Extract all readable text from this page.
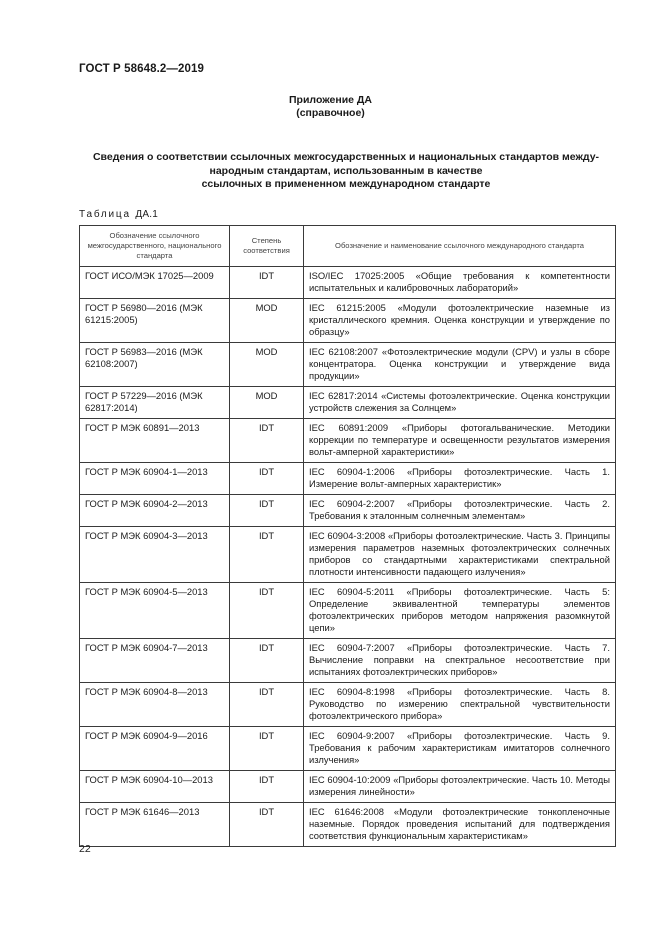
ГОСТ Р 58648.2—2019
Приложение ДА
(справочное)
Сведения о соответствии ссылочных межгосударственных и национальных стандартов между-
народным стандартам, использованным в качестве
ссылочных в примененном международном стандарте
Таблица ДА.1
Обозначение ссылочного межгосударственного, национального стандарта	Степень соответствия	Обозначение и наименование ссылочного международного стандарта
ГОСТ ИСО/МЭК 17025—2009	IDT	ISO/IEC 17025:2005 «Общие требования к компетентности испытательных и калибровочных лабораторий»
ГОСТ Р 56980—2016 (МЭК 61215:2005)	MOD	IEC 61215:2005 «Модули фотоэлектрические наземные из кристаллического кремния. Оценка конструкции и утверждение по образцу»
ГОСТ Р 56983—2016 (МЭК 62108:2007)	MOD	IEC 62108:2007 «Фотоэлектрические модули (CPV) и узлы в сборе концентратора. Оценка конструкции и утверждение вида продукции»
ГОСТ Р 57229—2016 (МЭК 62817:2014)	MOD	IEC 62817:2014 «Системы фотоэлектрические. Оценка конструкции устройств слежения за Солнцем»
ГОСТ Р МЭК 60891—2013	IDT	IEC 60891:2009 «Приборы фотогальванические. Методики коррекции по температуре и освещенности результатов измерения вольт-амперной характеристики»
ГОСТ Р МЭК 60904-1—2013	IDT	IEC 60904-1:2006 «Приборы фотоэлектрические. Часть 1. Измерение вольт-амперных характеристик»
ГОСТ Р МЭК 60904-2—2013	IDT	IEC 60904-2:2007 «Приборы фотоэлектрические. Часть 2. Требования к эталонным солнечным элементам»
ГОСТ Р МЭК 60904-3—2013	IDT	IEC 60904-3:2008 «Приборы фотоэлектрические. Часть 3. Принципы измерения параметров наземных фотоэлектрических солнечных приборов со стандартными характеристиками спектральной плотности интенсивности падающего излучения»
ГОСТ Р МЭК 60904-5—2013	IDT	IEC 60904-5:2011 «Приборы фотоэлектрические. Часть 5: Определение эквивалентной температуры элементов фотоэлектрических приборов методом напряжения разомкнутой цепи»
ГОСТ Р МЭК 60904-7—2013	IDT	IEC 60904-7:2007 «Приборы фотоэлектрические. Часть 7. Вычисление поправки на спектральное несоответствие при испытаниях фотоэлектрических приборов»
ГОСТ Р МЭК 60904-8—2013	IDT	IEC 60904-8:1998 «Приборы фотоэлектрические. Часть 8. Руководство по измерению спектральной чувствительности фотоэлектрического прибора»
ГОСТ Р МЭК 60904-9—2016	IDT	IEC 60904-9:2007 «Приборы фотоэлектрические. Часть 9. Требования к рабочим характеристикам имитаторов солнечного излучения»
ГОСТ Р МЭК 60904-10—2013	IDT	IEC 60904-10:2009 «Приборы фотоэлектрические. Часть 10. Методы измерения линейности»
ГОСТ Р МЭК 61646—2013	IDT	IEC 61646:2008 «Модули фотоэлектрические тонкопленочные наземные. Порядок проведения испытаний для подтверждения соответствия функциональным характеристикам»
22
